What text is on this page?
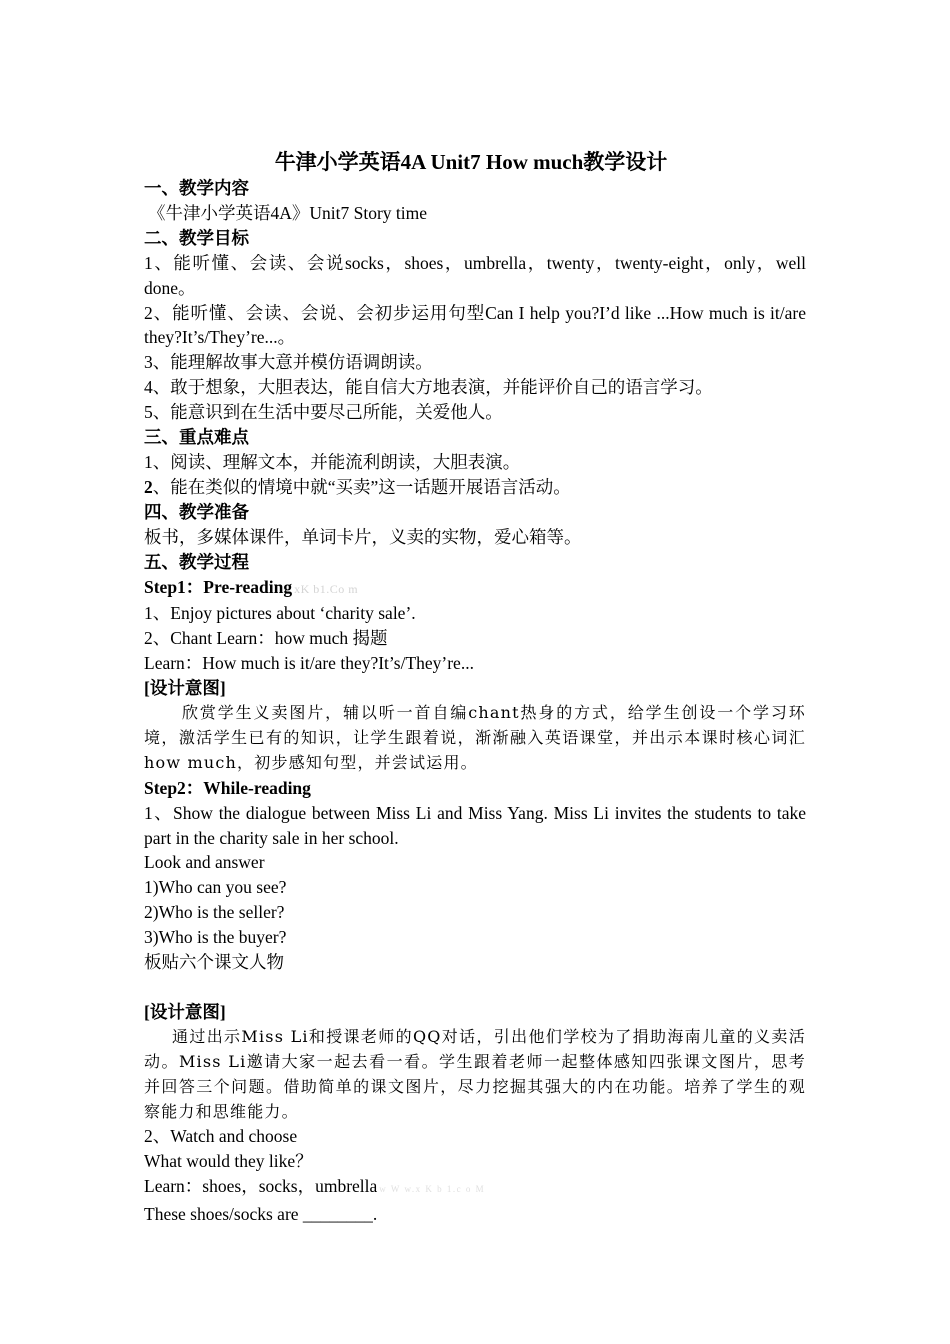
牛津小学英语4A Unit7 How much教学设计
一、教学内容
《牛津小学英语4A》Unit7 Story time
二、教学目标
1、能听懂、会读、会说socks，shoes，umbrella，twenty，twenty-eight，only，well done。
2、能听懂、会读、会说、会初步运用句型Can I help you?I’d like ...How much is it/are they?It’s/They’re...。
3、能理解故事大意并模仿语调朗读。
4、敢于想象，大胆表达，能自信大方地表演，并能评价自己的语言学习。
5、能意识到在生活中要尽己所能，关爱他人。
三、重点难点
1、阅读、理解文本，并能流利朗读，大胆表演。
2、能在类似的情境中就“买卖”这一话题开展语言活动。
四、教学准备
板书，多媒体课件，单词卡片，义卖的实物，爱心箱等。
五、教学过程
Step1：Pre-reading xK b1.Co m
1、Enjoy pictures about ‘charity sale’.
2、Chant Learn：how much 揭题
Learn：How much is it/are they?It’s/They’re...
[设计意图]
欣赏学生义卖图片，辅以听一首自编chant热身的方式，给学生创设一个学习环境，激活学生已有的知识，让学生跟着说，渐渐融入英语课堂，并出示本课时核心词汇how much，初步感知句型，并尝试运用。
Step2：While-reading
1、Show the dialogue between Miss Li and Miss Yang. Miss Li invites the students to take part in the charity sale in her school.
Look and answer
1)Who can you see?
2)Who is the seller?
3)Who is the buyer?
板贴六个课文人物
[设计意图]
通过出示Miss Li和授课老师的QQ对话，引出他们学校为了捐助海南儿童的义卖活动。Miss Li邀请大家一起去看一看。学生跟着老师一起整体感知四张课文图片，思考并回答三个问题。借助简单的课文图片，尽力挖掘其强大的内在功能。培养了学生的观察能力和思维能力。
2、Watch and choose
What would they like？
Learn：shoes，socks，umbrella w W w.x K b 1.c o M
These shoes/socks are ________.
